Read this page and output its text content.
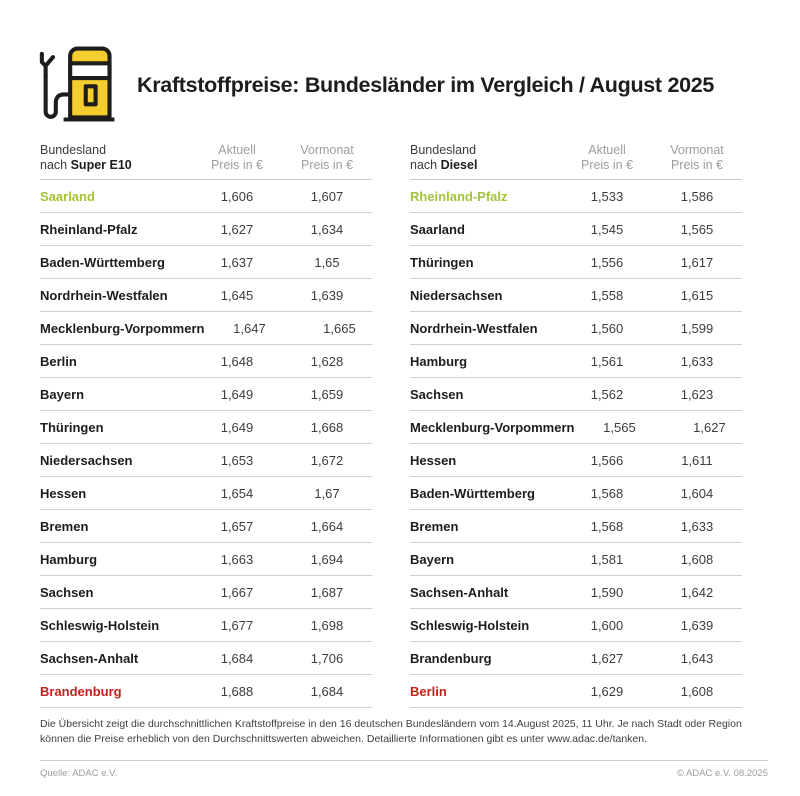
Kraftstoffpreise: Bundesländer im Vergleich / August 2025
Bundesland
nach Super E10
Aktuell
Preis in €
Vormonat
Preis in €
Saarland	1,606	1,607
Rheinland-Pfalz	1,627	1,634
Baden-Württemberg	1,637	1,65
Nordrhein-Westfalen	1,645	1,639
Mecklenburg-Vorpommern	1,647	1,665
Berlin	1,648	1,628
Bayern	1,649	1,659
Thüringen	1,649	1,668
Niedersachsen	1,653	1,672
Hessen	1,654	1,67
Bremen	1,657	1,664
Hamburg	1,663	1,694
Sachsen	1,667	1,687
Schleswig-Holstein	1,677	1,698
Sachsen-Anhalt	1,684	1,706
Brandenburg	1,688	1,684
Bundesland
nach Diesel
Aktuell
Preis in €
Vormonat
Preis in €
Rheinland-Pfalz	1,533	1,586
Saarland	1,545	1,565
Thüringen	1,556	1,617
Niedersachsen	1,558	1,615
Nordrhein-Westfalen	1,560	1,599
Hamburg	1,561	1,633
Sachsen	1,562	1,623
Mecklenburg-Vorpommern	1,565	1,627
Hessen	1,566	1,611
Baden-Württemberg	1,568	1,604
Bremen	1,568	1,633
Bayern	1,581	1,608
Sachsen-Anhalt	1,590	1,642
Schleswig-Holstein	1,600	1,639
Brandenburg	1,627	1,643
Berlin	1,629	1,608
Die Übersicht zeigt die durchschnittlichen Kraftstoffpreise in den 16 deutschen Bundesländern vom 14.August 2025, 11 Uhr. Je nach Stadt oder Region können die Preise erheblich von den Durchschnittswerten abweichen. Detaillierte Informationen gibt es unter www.adac.de/tanken.
Quelle: ADAC e.V.	© ADAC e.V. 08.2025
